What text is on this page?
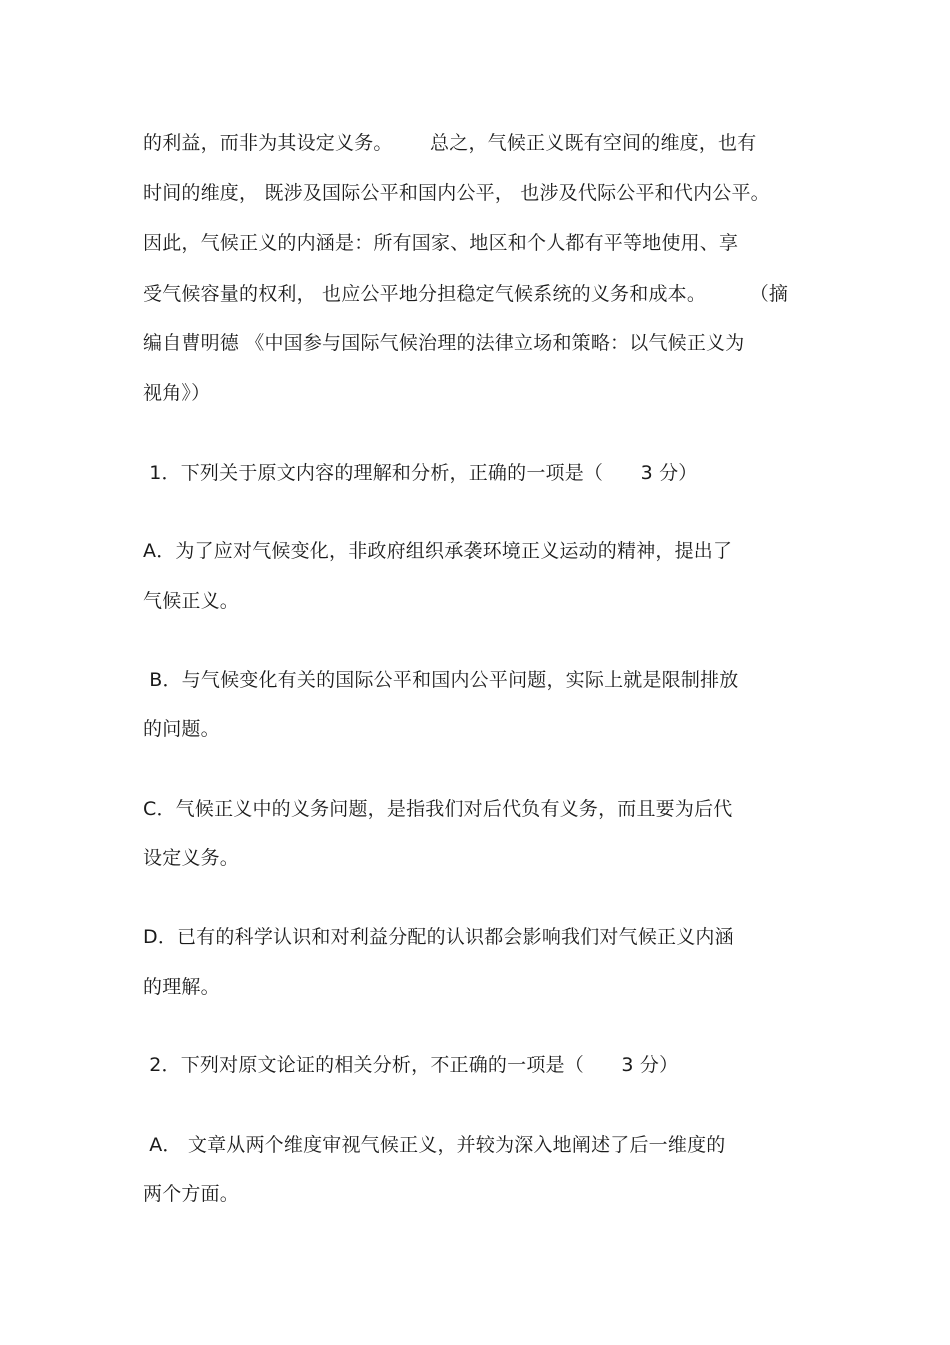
的利益，而非为其设定义务。      总之，气候正义既有空间的维度，也有
时间的维度， 既涉及国际公平和国内公平， 也涉及代际公平和代内公平。
因此，气候正义的内涵是：所有国家、地区和个人都有平等地使用、享
受气候容量的权利， 也应公平地分担稳定气候系统的义务和成本。       （摘
编自曹明德 《中国参与国际气候治理的法律立场和策略：以气候正义为
视角》）
1．下列关于原文内容的理解和分析，正确的一项是（      3 分）
A．为了应对气候变化，非政府组织承袭环境正义运动的精神，提出了
气候正义。
B．与气候变化有关的国际公平和国内公平问题，实际上就是限制排放
的问题。
C．气候正义中的义务问题，是指我们对后代负有义务，而且要为后代
设定义务。
D．已有的科学认识和对利益分配的认识都会影响我们对气候正义内涵
的理解。
2．下列对原文论证的相关分析，不正确的一项是（      3 分）
A． 文章从两个维度审视气候正义，并较为深入地阐述了后一维度的
两个方面。
